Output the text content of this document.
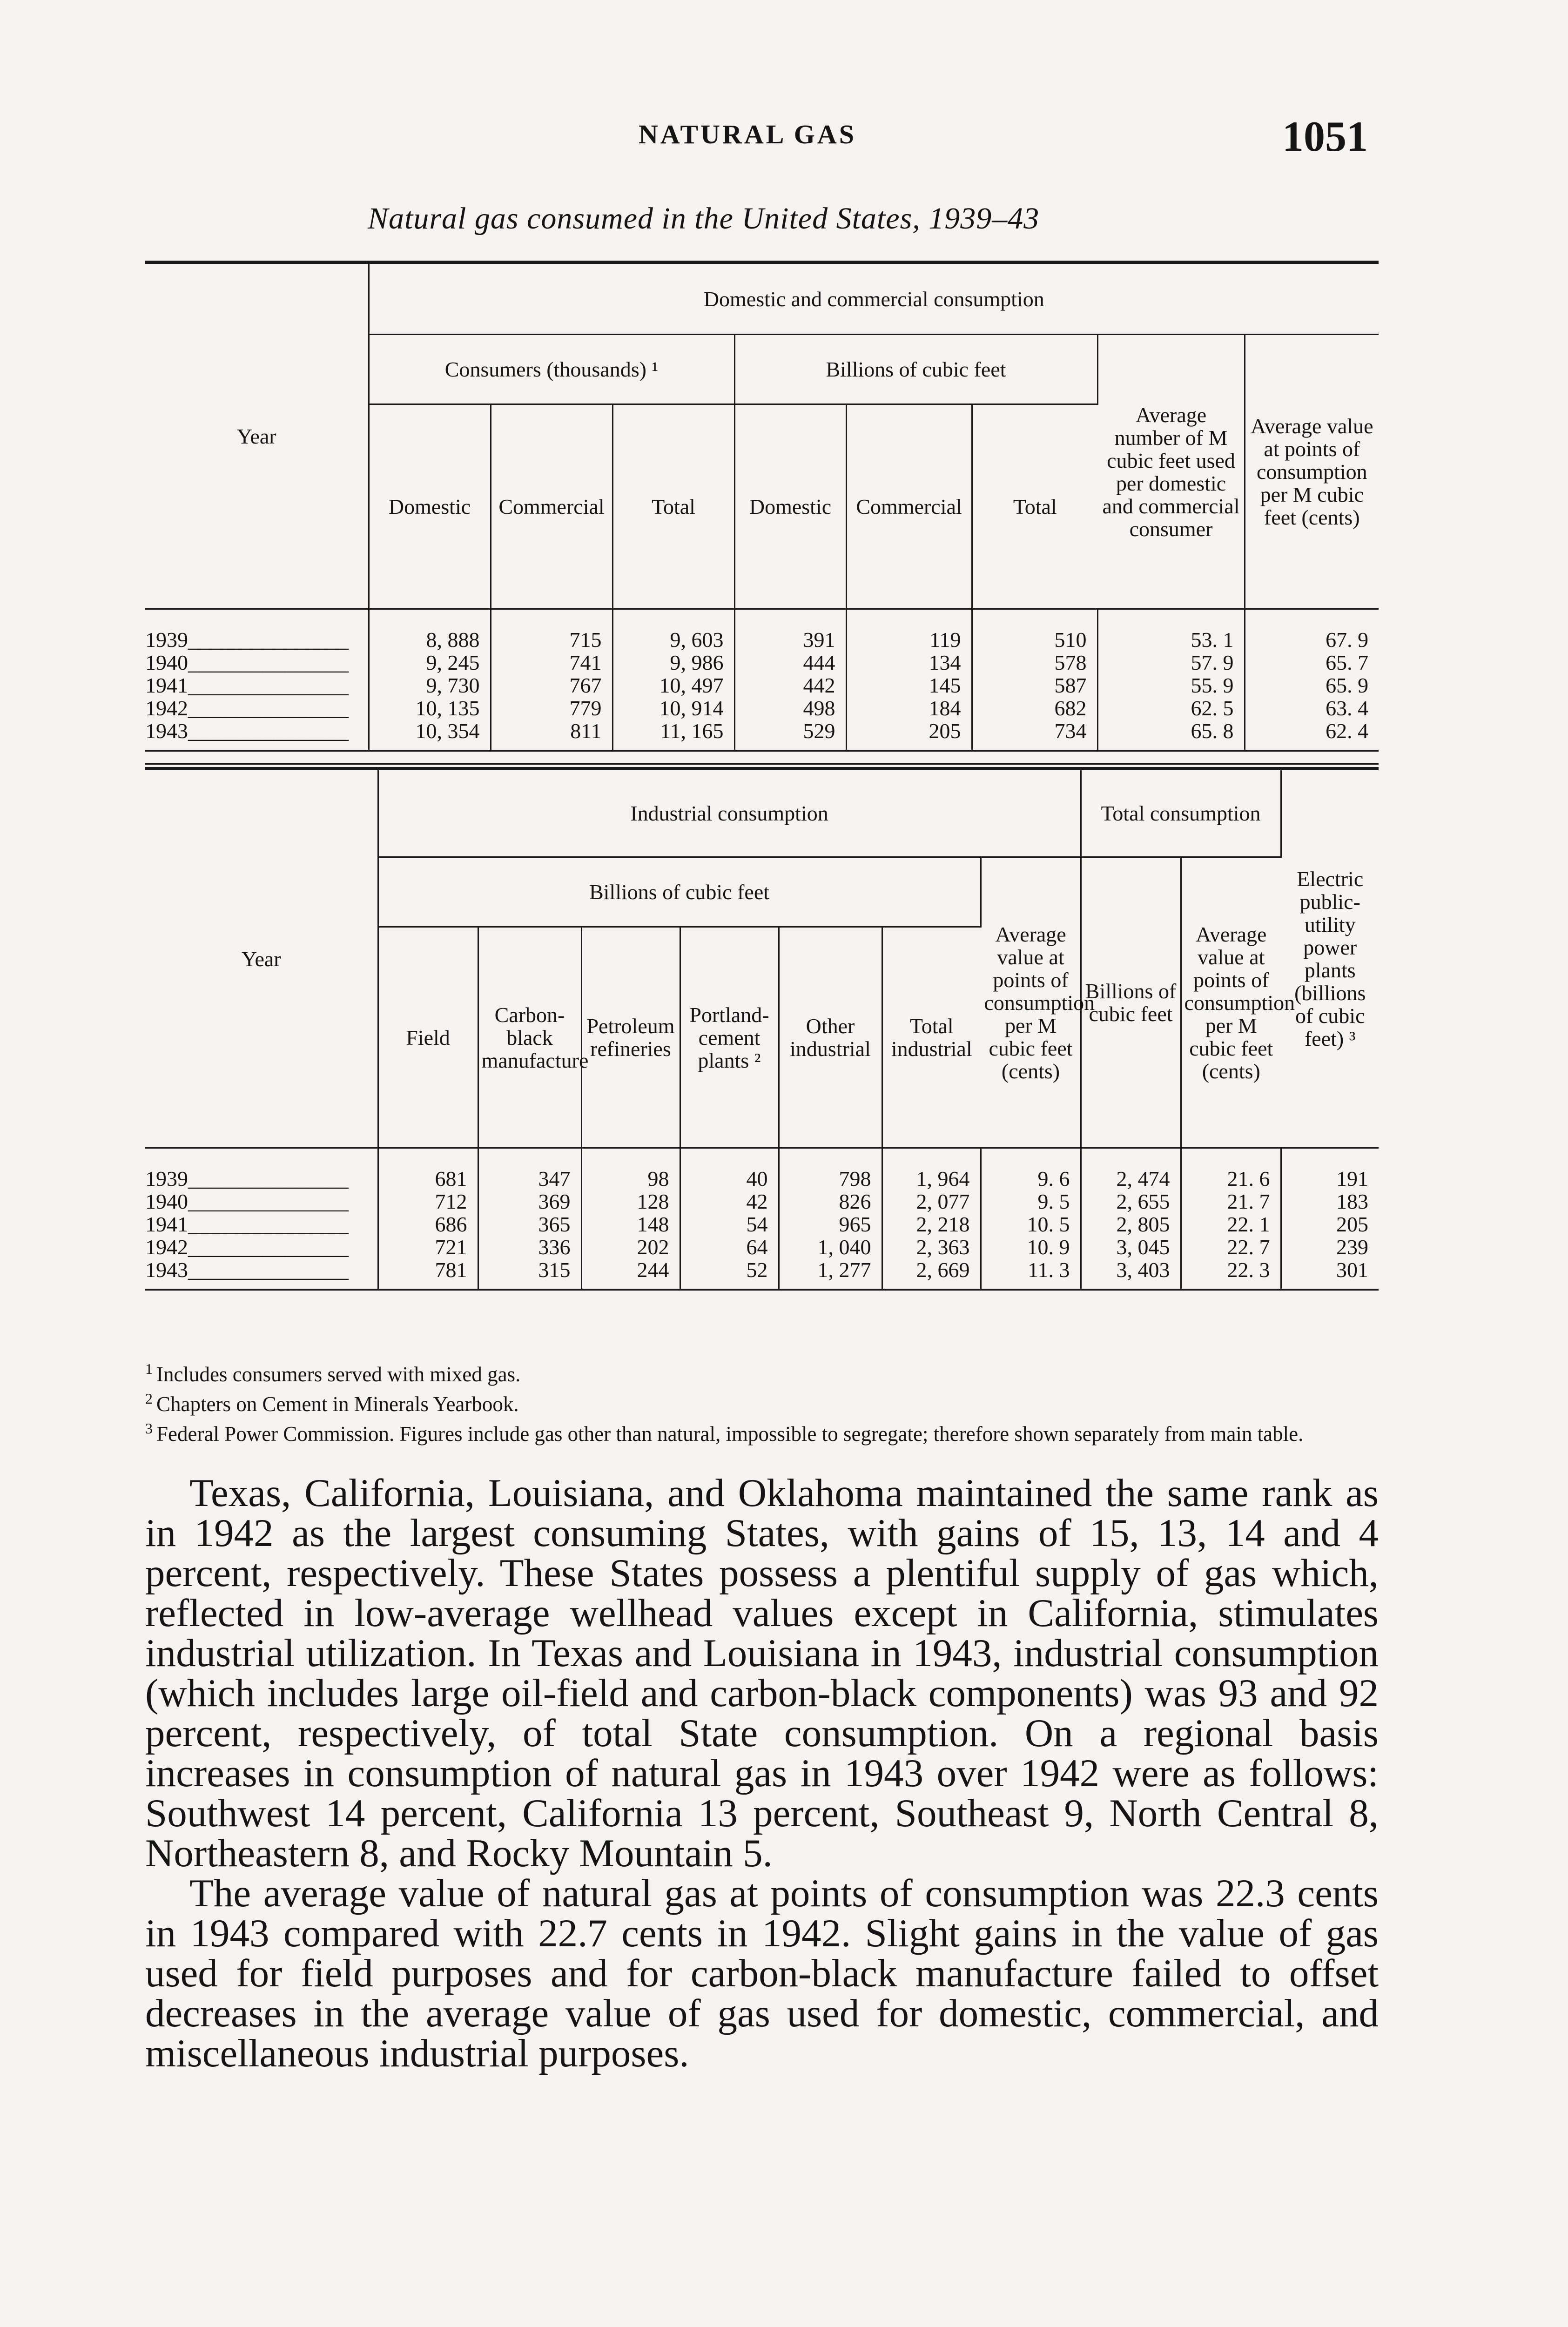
NATURAL GAS	1051
Natural gas consumed in the United States, 1939–43
Year	Domestic and commercial consumption							
	Consumers (thousands) ¹			Billions of cubic feet			Average number of M cubic feet used per domestic and commercial consumer	Average value at points of consumption per M cubic feet (cents)
	Domestic	Commercial	Total	Domestic	Commercial	Total		
1939_______________	8, 888	715	9, 603	391	119	510	53. 1	67. 9
1940_______________	9, 245	741	9, 986	444	134	578	57. 9	65. 7
1941_______________	9, 730	767	10, 497	442	145	587	55. 9	65. 9
1942_______________	10, 135	779	10, 914	498	184	682	62. 5	63. 4
1943_______________	10, 354	811	11, 165	529	205	734	65. 8	62. 4
Year	Industrial consumption							Total consumption		Electric public-utility power plants (billions of cubic feet) ³
	Billions of cubic feet						Average value at points of consumption per M cubic feet (cents)	Billions of cubic feet	Average value at points of consumption per M cubic feet (cents)	
	Field	Carbon-black manufacture	Petroleum refineries	Portland-cement plants ²	Other industrial	Total industrial				
1939_______________	681	347	98	40	798	1, 964	9. 6	2, 474	21. 6	191
1940_______________	712	369	128	42	826	2, 077	9. 5	2, 655	21. 7	183
1941_______________	686	365	148	54	965	2, 218	10. 5	2, 805	22. 1	205
1942_______________	721	336	202	64	1, 040	2, 363	10. 9	3, 045	22. 7	239
1943_______________	781	315	244	52	1, 277	2, 669	11. 3	3, 403	22. 3	301

$^1$ Includes consumers served with mixed gas.

$^2$ Chapters on Cement in Minerals Yearbook.

$^3$ Federal Power Commission. Figures include gas other than natural, impossible to segregate; therefore shown separately from main table.

Texas, California, Louisiana, and Oklahoma maintained the same rank as in 1942 as the largest consuming States, with gains of 15, 13, 14 and 4 percent, respectively. These States possess a plentiful supply of gas which, reflected in low-average wellhead values except in California, stimulates industrial utilization. In Texas and Louisiana in 1943, industrial consumption (which includes large oil-field and carbon-black components) was 93 and 92 percent, respectively, of total State consumption. On a regional basis increases in consumption of natural gas in 1943 over 1942 were as follows: Southwest 14 percent, California 13 percent, Southeast 9, North Central 8, Northeastern 8, and Rocky Mountain 5.

The average value of natural gas at points of consumption was 22.3 cents in 1943 compared with 22.7 cents in 1942. Slight gains in the value of gas used for field purposes and for carbon-black manufacture failed to offset decreases in the average value of gas used for domestic, commercial, and miscellaneous industrial purposes.
